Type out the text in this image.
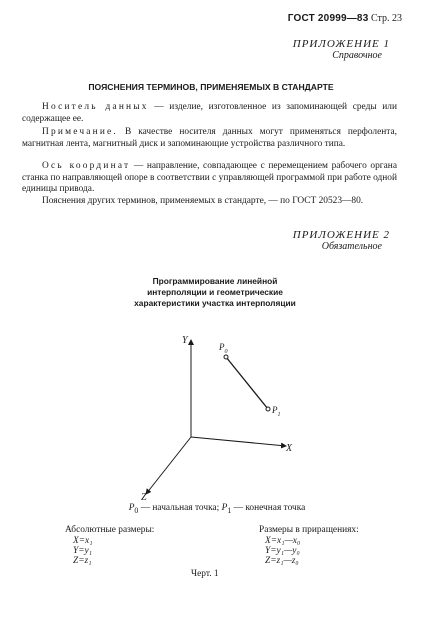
ГОСТ 20999—83 Стр. 23
ПРИЛОЖЕНИЕ 1
Справочное
ПОЯСНЕНИЯ ТЕРМИНОВ, ПРИМЕНЯЕМЫХ В СТАНДАРТЕ
Носитель данных — изделие, изготовленное из запоминающей среды или содержащее ее.
Примечание. В качестве носителя данных могут применяться перфолента, магнитная лента, магнитный диск и запоминающие устройства различного типа.
Ось координат — направление, совпадающее с перемещением рабочего органа станка по направляющей опоре в соответствии с управляющей программой при работе одной единицы привода.
Пояснения других терминов, применяемых в стандарте, — по ГОСТ 20523—80.
ПРИЛОЖЕНИЕ 2
Обязательное
Программирование линейной интерполяции и геометрические характеристики участка интерполяции
Y
X
Z
$P_0$
$P_1$
$P_0$ — начальная точка; $P_1$ — конечная точка
Абсолютные размеры:
X=x₁
Y=y₁
Z=z₁
Размеры в приращениях:
X=x₁—x₀
Y=y₁—y₀
Z=z₁—z₀
Черт. 1
